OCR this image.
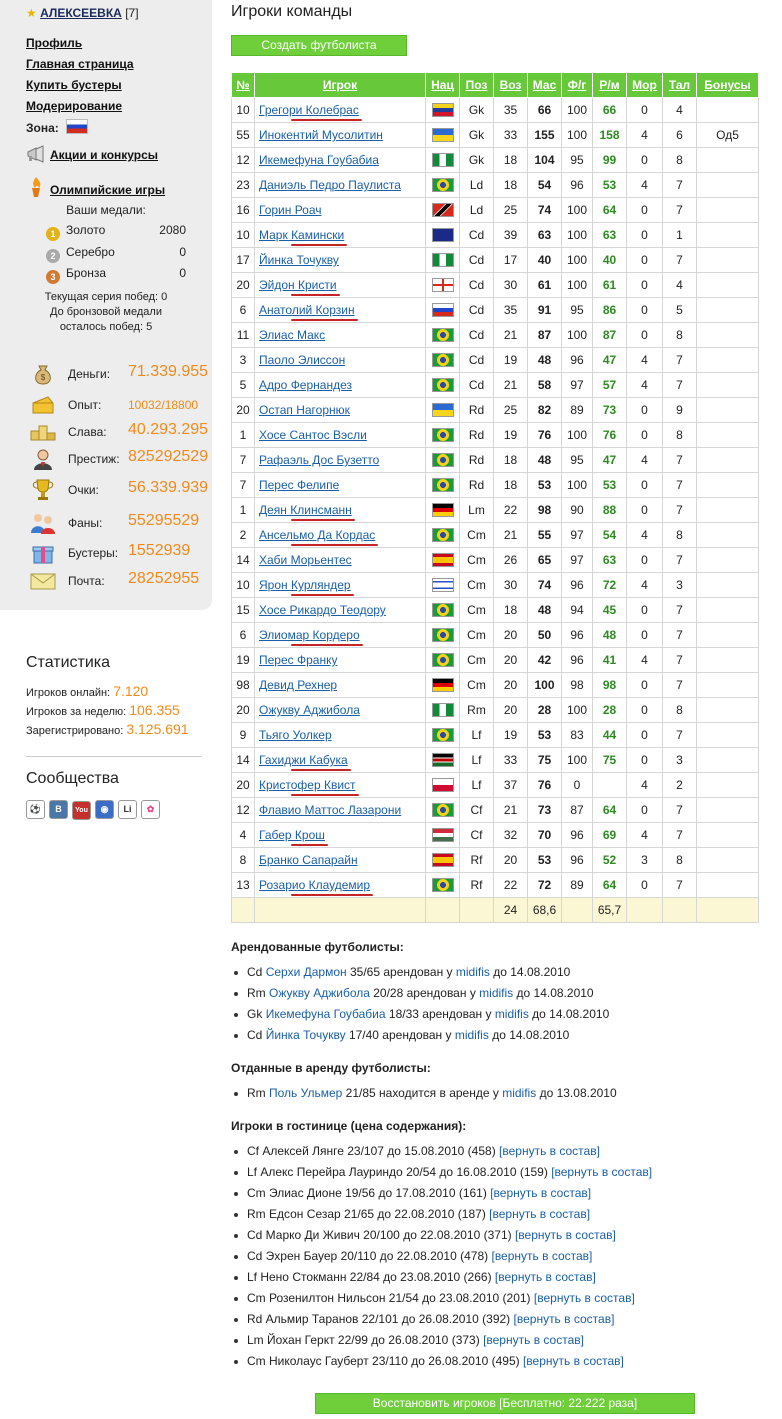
★ АЛЕКСЕЕВКА [7]
Профиль
Главная страница
Купить бустеры
Модерирование
Зона:
Акции и конкурсы
Олимпийские игры
Ваши медали:
1 Золото	2080
2 Серебро	0
3 Бронза	0
Текущая серия побед: 0
До бронзовой медали
осталось побед: 5
$ Деньги: 71.339.955
Опыт: 10032/18800
Слава: 40.293.295
Престиж: 825292529
Очки: 56.339.939
Фаны: 55295529
Бустеры: 1552939
Почта: 28252955
Статистика
Игроков онлайн: 7.120
Игроков за неделю: 106.355
Зарегистрировано: 3.125.691
Сообщества
⚽ B You ◉ Li ✿
Игроки команды
Создать футболиста
№	Игрок	Нац	Поз	Воз	Мас	Ф/г	Р/м	Мор	Тал	Бонусы
10	Грегори Колебрас		Gk	35	66	100	66	0	4	
55	Инокентий Мусолитин		Gk	33	155	100	158	4	6	Од5
12	Икемефуна Гоубабиа		Gk	18	104	95	99	0	8	
23	Даниэль Педро Паулиста		Ld	18	54	96	53	4	7	
16	Горин Роач		Ld	25	74	100	64	0	7	
10	Марк Камински		Cd	39	63	100	63	0	1	
17	Йинка Точукву		Cd	17	40	100	40	0	7	
20	Эйдон Кристи		Cd	30	61	100	61	0	4	
6	Анатолий Корзин		Cd	35	91	95	86	0	5	
11	Элиас Макс		Cd	21	87	100	87	0	8	
3	Паоло Элиссон		Cd	19	48	96	47	4	7	
5	Адро Фернандез		Cd	21	58	97	57	4	7	
20	Остап Нагорнюк		Rd	25	82	89	73	0	9	
1	Хосе Сантос Вэсли		Rd	19	76	100	76	0	8	
7	Рафаэль Дос Бузетто		Rd	18	48	95	47	4	7	
7	Перес Фелипе		Rd	18	53	100	53	0	7	
1	Деян Клинсманн		Lm	22	98	90	88	0	7	
2	Ансельмо Да Кордас		Cm	21	55	97	54	4	8	
14	Хаби Морьентес		Cm	26	65	97	63	0	7	
10	Ярон Курляндер		Cm	30	74	96	72	4	3	
15	Хосе Рикардо Теодору		Cm	18	48	94	45	0	7	
6	Элиомар Кордеро		Cm	20	50	96	48	0	7	
19	Перес Франку		Cm	20	42	96	41	4	7	
98	Девид Рехнер		Cm	20	100	98	98	0	7	
20	Ожукву Аджибола		Rm	20	28	100	28	0	8	
9	Тьяго Уолкер		Lf	19	53	83	44	0	7	
14	Гахиджи Кабука		Lf	33	75	100	75	0	3	
20	Кристофер Квист		Lf	37	76	0		4	2	
12	Флавио Маттос Лазарони		Cf	21	73	87	64	0	7	
4	Габер Крош		Cf	32	70	96	69	4	7	
8	Бранко Сапарайн		Rf	20	53	96	52	3	8	
13	Розарио Клаудемир		Rf	22	72	89	64	0	7	
				24	68,6		65,7			
Арендованные футболисты:
Cd Серхи Дармон 35/65 арендован у midifis до 14.08.2010
Rm Ожукву Аджибола 20/28 арендован у midifis до 14.08.2010
Gk Икемефуна Гоубабиа 18/33 арендован у midifis до 14.08.2010
Cd Йинка Точукву 17/40 арендован у midifis до 14.08.2010
Отданные в аренду футболисты:
Rm Поль Ульмер 21/85 находится в аренде у midifis до 13.08.2010
Игроки в гостинице (цена содержания):
Cf Алексей Лянге 23/107 до 15.08.2010 (458) [вернуть в состав]
Lf Алекс Перейра Лауриндо 20/54 до 16.08.2010 (159) [вернуть в состав]
Cm Элиас Дионе 19/56 до 17.08.2010 (161) [вернуть в состав]
Rm Едсон Сезар 21/65 до 22.08.2010 (187) [вернуть в состав]
Cd Марко Ди Живич 20/100 до 22.08.2010 (371) [вернуть в состав]
Cd Эхрен Бауер 20/110 до 22.08.2010 (478) [вернуть в состав]
Lf Нено Стокманн 22/84 до 23.08.2010 (266) [вернуть в состав]
Cm Розенилтон Нильсон 21/54 до 23.08.2010 (201) [вернуть в состав]
Rd Альмир Таранов 22/101 до 26.08.2010 (392) [вернуть в состав]
Lm Йохан Геркт 22/99 до 26.08.2010 (373) [вернуть в состав]
Cm Николаус Гауберт 23/110 до 26.08.2010 (495) [вернуть в состав]
Восстановить игроков [Бесплатно: 22.222 раза]
